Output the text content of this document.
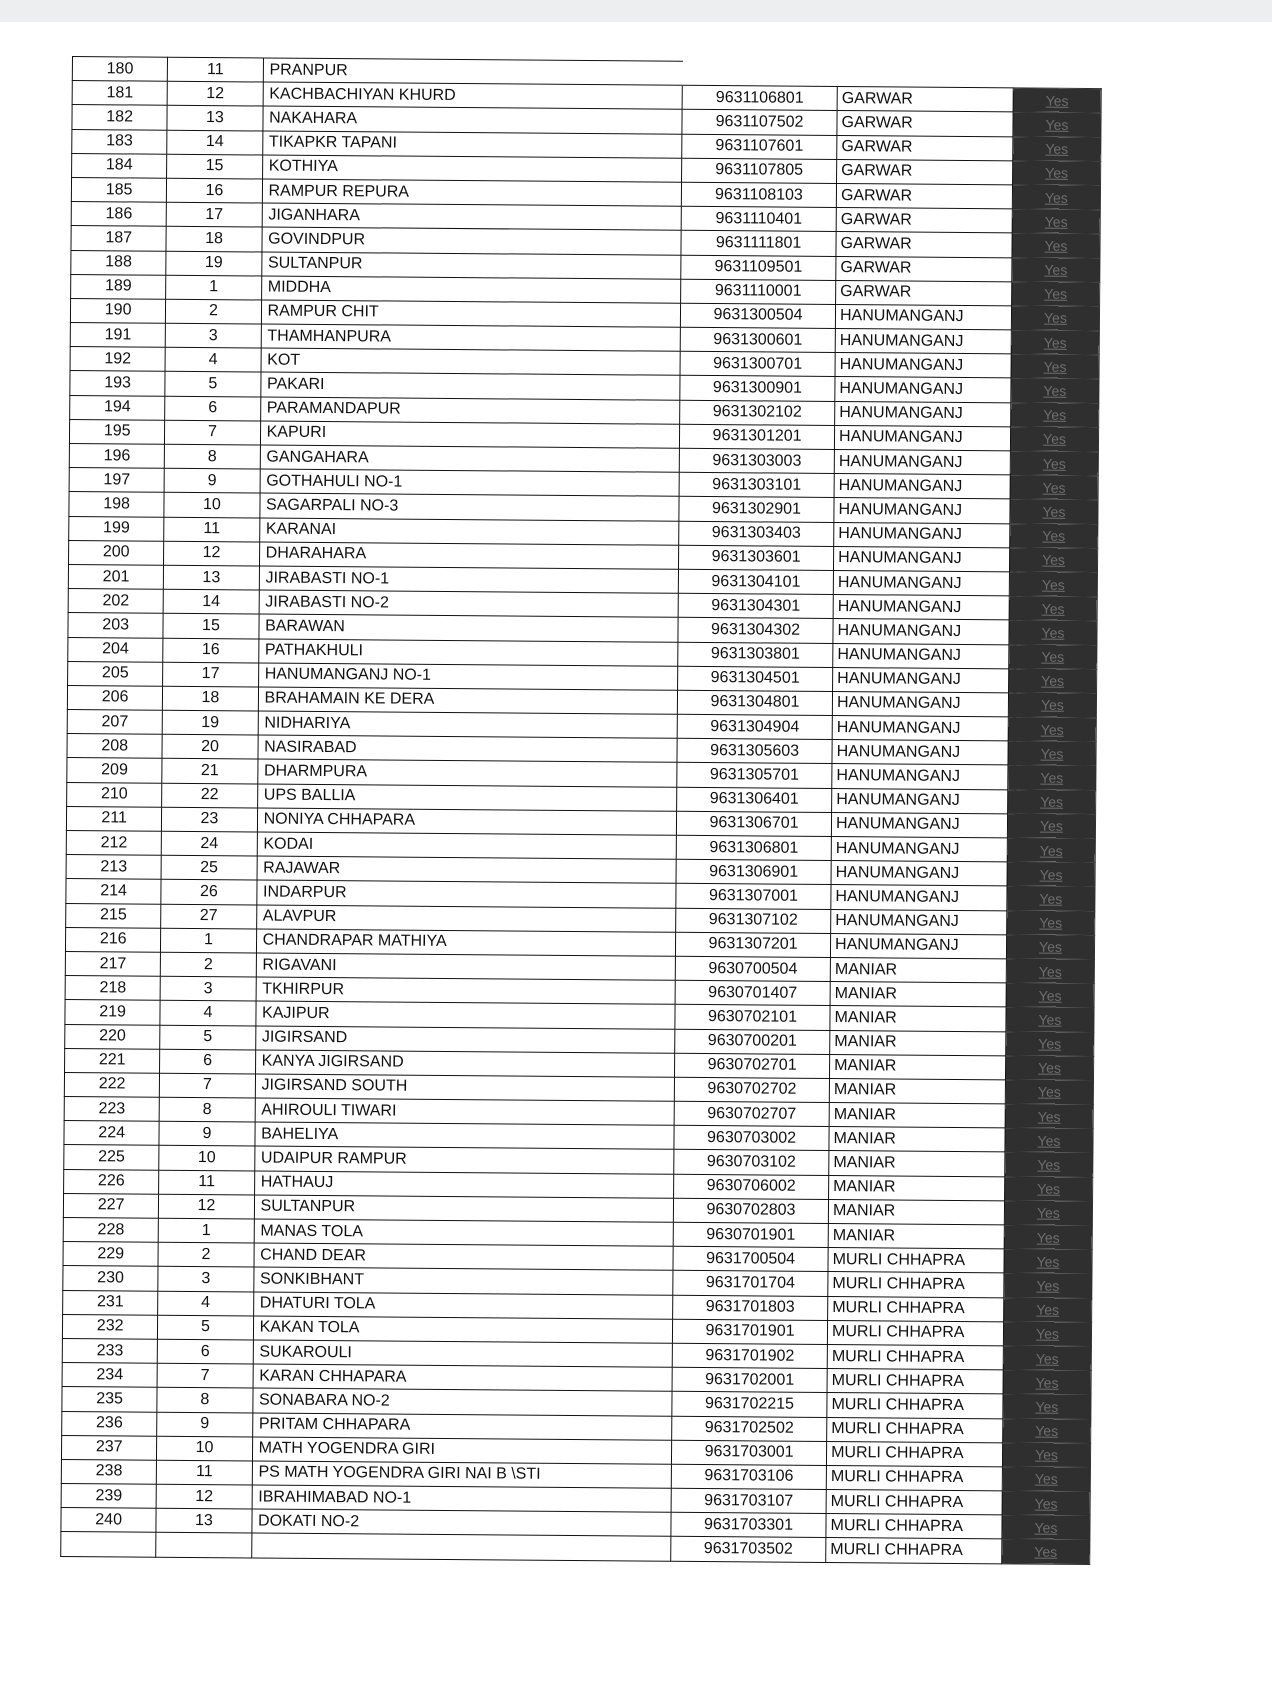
180	11	PRANPUR			
181	12	KACHBACHIYAN KHURD	9631106801	GARWAR	Yes
182	13	NAKAHARA	9631107502	GARWAR	Yes
183	14	TIKAPKR TAPANI	9631107601	GARWAR	Yes
184	15	KOTHIYA	9631107805	GARWAR	Yes
185	16	RAMPUR REPURA	9631108103	GARWAR	Yes
186	17	JIGANHARA	9631110401	GARWAR	Yes
187	18	GOVINDPUR	9631111801	GARWAR	Yes
188	19	SULTANPUR	9631109501	GARWAR	Yes
189	1	MIDDHA	9631110001	GARWAR	Yes
190	2	RAMPUR CHIT	9631300504	HANUMANGANJ	Yes
191	3	THAMHANPURA	9631300601	HANUMANGANJ	Yes
192	4	KOT	9631300701	HANUMANGANJ	Yes
193	5	PAKARI	9631300901	HANUMANGANJ	Yes
194	6	PARAMANDAPUR	9631302102	HANUMANGANJ	Yes
195	7	KAPURI	9631301201	HANUMANGANJ	Yes
196	8	GANGAHARA	9631303003	HANUMANGANJ	Yes
197	9	GOTHAHULI NO-1	9631303101	HANUMANGANJ	Yes
198	10	SAGARPALI NO-3	9631302901	HANUMANGANJ	Yes
199	11	KARANAI	9631303403	HANUMANGANJ	Yes
200	12	DHARAHARA	9631303601	HANUMANGANJ	Yes
201	13	JIRABASTI NO-1	9631304101	HANUMANGANJ	Yes
202	14	JIRABASTI NO-2	9631304301	HANUMANGANJ	Yes
203	15	BARAWAN	9631304302	HANUMANGANJ	Yes
204	16	PATHAKHULI	9631303801	HANUMANGANJ	Yes
205	17	HANUMANGANJ NO-1	9631304501	HANUMANGANJ	Yes
206	18	BRAHAMAIN KE DERA	9631304801	HANUMANGANJ	Yes
207	19	NIDHARIYA	9631304904	HANUMANGANJ	Yes
208	20	NASIRABAD	9631305603	HANUMANGANJ	Yes
209	21	DHARMPURA	9631305701	HANUMANGANJ	Yes
210	22	UPS BALLIA	9631306401	HANUMANGANJ	Yes
211	23	NONIYA CHHAPARA	9631306701	HANUMANGANJ	Yes
212	24	KODAI	9631306801	HANUMANGANJ	Yes
213	25	RAJAWAR	9631306901	HANUMANGANJ	Yes
214	26	INDARPUR	9631307001	HANUMANGANJ	Yes
215	27	ALAVPUR	9631307102	HANUMANGANJ	Yes
216	1	CHANDRAPAR MATHIYA	9631307201	HANUMANGANJ	Yes
217	2	RIGAVANI	9630700504	MANIAR	Yes
218	3	TKHIRPUR	9630701407	MANIAR	Yes
219	4	KAJIPUR	9630702101	MANIAR	Yes
220	5	JIGIRSAND	9630700201	MANIAR	Yes
221	6	KANYA JIGIRSAND	9630702701	MANIAR	Yes
222	7	JIGIRSAND SOUTH	9630702702	MANIAR	Yes
223	8	AHIROULI TIWARI	9630702707	MANIAR	Yes
224	9	BAHELIYA	9630703002	MANIAR	Yes
225	10	UDAIPUR RAMPUR	9630703102	MANIAR	Yes
226	11	HATHAUJ	9630706002	MANIAR	Yes
227	12	SULTANPUR	9630702803	MANIAR	Yes
228	1	MANAS TOLA	9630701901	MANIAR	Yes
229	2	CHAND DEAR	9631700504	MURLI CHHAPRA	Yes
230	3	SONKIBHANT	9631701704	MURLI CHHAPRA	Yes
231	4	DHATURI TOLA	9631701803	MURLI CHHAPRA	Yes
232	5	KAKAN TOLA	9631701901	MURLI CHHAPRA	Yes
233	6	SUKAROULI	9631701902	MURLI CHHAPRA	Yes
234	7	KARAN CHHAPARA	9631702001	MURLI CHHAPRA	Yes
235	8	SONABARA NO-2	9631702215	MURLI CHHAPRA	Yes
236	9	PRITAM CHHAPARA	9631702502	MURLI CHHAPRA	Yes
237	10	MATH YOGENDRA GIRI	9631703001	MURLI CHHAPRA	Yes
238	11	PS MATH YOGENDRA GIRI NAI B \STI	9631703106	MURLI CHHAPRA	Yes
239	12	IBRAHIMABAD NO-1	9631703107	MURLI CHHAPRA	Yes
240	13	DOKATI NO-2	9631703301	MURLI CHHAPRA	Yes
			9631703502	MURLI CHHAPRA	Yes
